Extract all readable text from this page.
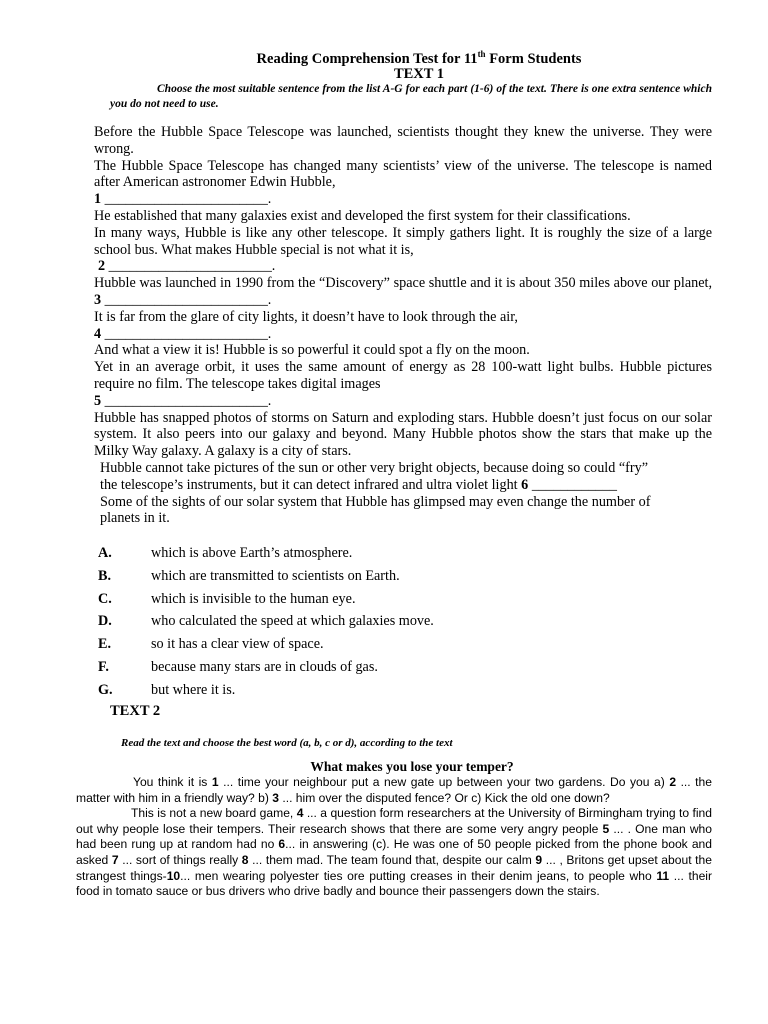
Reading Comprehension Test for 11th Form Students
TEXT 1
Choose the most suitable sentence from the list A-G for each part (1-6) of the text. There is one extra sentence which you do not need to use.

Before the Hubble Space Telescope was launched, scientists thought they knew the universe. They were wrong.

The Hubble Space Telescope has changed many scientists’ view of the universe. The telescope is named after American astronomer Edwin Hubble,

1 _______________________.

He established that many galaxies exist and developed the first system for their classifications.

In many ways, Hubble is like any other telescope. It simply gathers light. It is roughly the size of a large school bus. What makes Hubble special is not what it is,

2 _______________________.

Hubble was launched in 1990 from the “Discovery” space shuttle and it is about 350 miles above our planet, 3 _______________________.

It is far from the glare of city lights, it doesn’t have to look through the air,

4 _______________________.

And what a view it is! Hubble is so powerful it could spot a fly on the moon.

Yet in an average orbit, it uses the same amount of energy as 28 100-watt light bulbs. Hubble pictures require no film. The telescope takes digital images

5 _______________________.

Hubble has snapped photos of storms on Saturn and exploding stars. Hubble doesn’t just focus on our solar system. It also peers into our galaxy and beyond. Many Hubble photos show the stars that make up the Milky Way galaxy. A galaxy is a city of stars.

Hubble cannot take pictures of the sun or other very bright objects, because doing so could “fry”

the telescope’s instruments, but it can detect infrared and ultra violet light 6 ____________

Some of the sights of our solar system that Hubble has glimpsed may even change the number of

planets in it.

A.	which is above Earth’s atmosphere.
B.	which are transmitted to scientists on Earth.
C.	which is invisible to the human eye.
D.	who calculated the speed at which galaxies move.
E.	so it has a clear view of space.
F.	because many stars are in clouds of gas.
G.	but where it is.
TEXT 2
Read the text and choose the best word (a, b, c or d), according to the text
What makes you lose your temper?

You think it is 1 ... time your neighbour put a new gate up between your two gardens. Do you a) 2 ... the matter with him in a friendly way? b) 3 ... him over the disputed fence? Or c) Kick the old one down?

This is not a new board game, 4 ... a question form researchers at the University of Birmingham trying to find out why people lose their tempers. Their research shows that there are some very angry people 5 ... . One man who had been rung up at random had no 6... in answering (c). He was one of 50 people picked from the phone book and asked 7 ... sort of things really 8 ... them mad. The team found that, despite our calm 9 ... , Britons get upset about the strangest things-10... men wearing polyester ties ore putting creases in their denim jeans, to people who 11 ... their food in tomato sauce or bus drivers who drive badly and bounce their passengers down the stairs.
